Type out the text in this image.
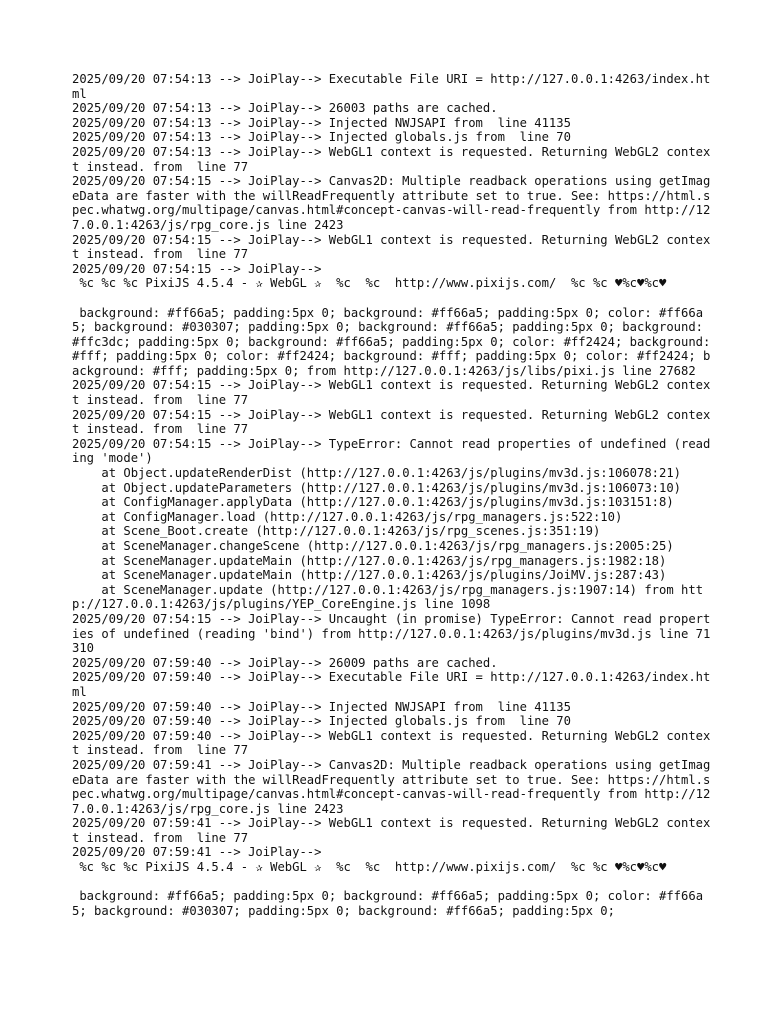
2025/09/20 07:54:13 --> JoiPlay--> Executable File URI = http://127.0.0.1:4263/index.html
2025/09/20 07:54:13 --> JoiPlay--> 26003 paths are cached.
2025/09/20 07:54:13 --> JoiPlay--> Injected NWJSAPI from  line 41135
2025/09/20 07:54:13 --> JoiPlay--> Injected globals.js from  line 70
2025/09/20 07:54:13 --> JoiPlay--> WebGL1 context is requested. Returning WebGL2 context instead. from  line 77
2025/09/20 07:54:15 --> JoiPlay--> Canvas2D: Multiple readback operations using getImageData are faster with the willReadFrequently attribute set to true. See: https://html.spec.whatwg.org/multipage/canvas.html#concept-canvas-will-read-frequently from http://127.0.0.1:4263/js/rpg_core.js line 2423
2025/09/20 07:54:15 --> JoiPlay--> WebGL1 context is requested. Returning WebGL2 context instead. from  line 77
2025/09/20 07:54:15 --> JoiPlay-->
%c %c %c PixiJS 4.5.4 - ✰ WebGL ✰  %c  %c  http://www.pixijs.com/  %c %c ♥%c♥%c♥

background: #ff66a5; padding:5px 0; background: #ff66a5; padding:5px 0; color: #ff66a5; background: #030307; padding:5px 0; background: #ff66a5; padding:5px 0; background: #ffc3dc; padding:5px 0; background: #ff66a5; padding:5px 0; color: #ff2424; background: #fff; padding:5px 0; color: #ff2424; background: #fff; padding:5px 0; color: #ff2424; background: #fff; padding:5px 0; from http://127.0.0.1:4263/js/libs/pixi.js line 27682
2025/09/20 07:54:15 --> JoiPlay--> WebGL1 context is requested. Returning WebGL2 context instead. from  line 77
2025/09/20 07:54:15 --> JoiPlay--> WebGL1 context is requested. Returning WebGL2 context instead. from  line 77
2025/09/20 07:54:15 --> JoiPlay--> TypeError: Cannot read properties of undefined (reading 'mode')
at Object.updateRenderDist (http://127.0.0.1:4263/js/plugins/mv3d.js:106078:21)
at Object.updateParameters (http://127.0.0.1:4263/js/plugins/mv3d.js:106073:10)
at ConfigManager.applyData (http://127.0.0.1:4263/js/plugins/mv3d.js:103151:8)
at ConfigManager.load (http://127.0.0.1:4263/js/rpg_managers.js:522:10)
at Scene_Boot.create (http://127.0.0.1:4263/js/rpg_scenes.js:351:19)
at SceneManager.changeScene (http://127.0.0.1:4263/js/rpg_managers.js:2005:25)
at SceneManager.updateMain (http://127.0.0.1:4263/js/rpg_managers.js:1982:18)
at SceneManager.updateMain (http://127.0.0.1:4263/js/plugins/JoiMV.js:287:43)
at SceneManager.update (http://127.0.0.1:4263/js/rpg_managers.js:1907:14) from http://127.0.0.1:4263/js/plugins/YEP_CoreEngine.js line 1098
2025/09/20 07:54:15 --> JoiPlay--> Uncaught (in promise) TypeError: Cannot read properties of undefined (reading 'bind') from http://127.0.0.1:4263/js/plugins/mv3d.js line 71310
2025/09/20 07:59:40 --> JoiPlay--> 26009 paths are cached.
2025/09/20 07:59:40 --> JoiPlay--> Executable File URI = http://127.0.0.1:4263/index.html
2025/09/20 07:59:40 --> JoiPlay--> Injected NWJSAPI from  line 41135
2025/09/20 07:59:40 --> JoiPlay--> Injected globals.js from  line 70
2025/09/20 07:59:40 --> JoiPlay--> WebGL1 context is requested. Returning WebGL2 context instead. from  line 77
2025/09/20 07:59:41 --> JoiPlay--> Canvas2D: Multiple readback operations using getImageData are faster with the willReadFrequently attribute set to true. See: https://html.spec.whatwg.org/multipage/canvas.html#concept-canvas-will-read-frequently from http://127.0.0.1:4263/js/rpg_core.js line 2423
2025/09/20 07:59:41 --> JoiPlay--> WebGL1 context is requested. Returning WebGL2 context instead. from  line 77
2025/09/20 07:59:41 --> JoiPlay-->
%c %c %c PixiJS 4.5.4 - ✰ WebGL ✰  %c  %c  http://www.pixijs.com/  %c %c ♥%c♥%c♥

background: #ff66a5; padding:5px 0; background: #ff66a5; padding:5px 0; color: #ff66a5; background: #030307; padding:5px 0; background: #ff66a5; padding:5px 0;
